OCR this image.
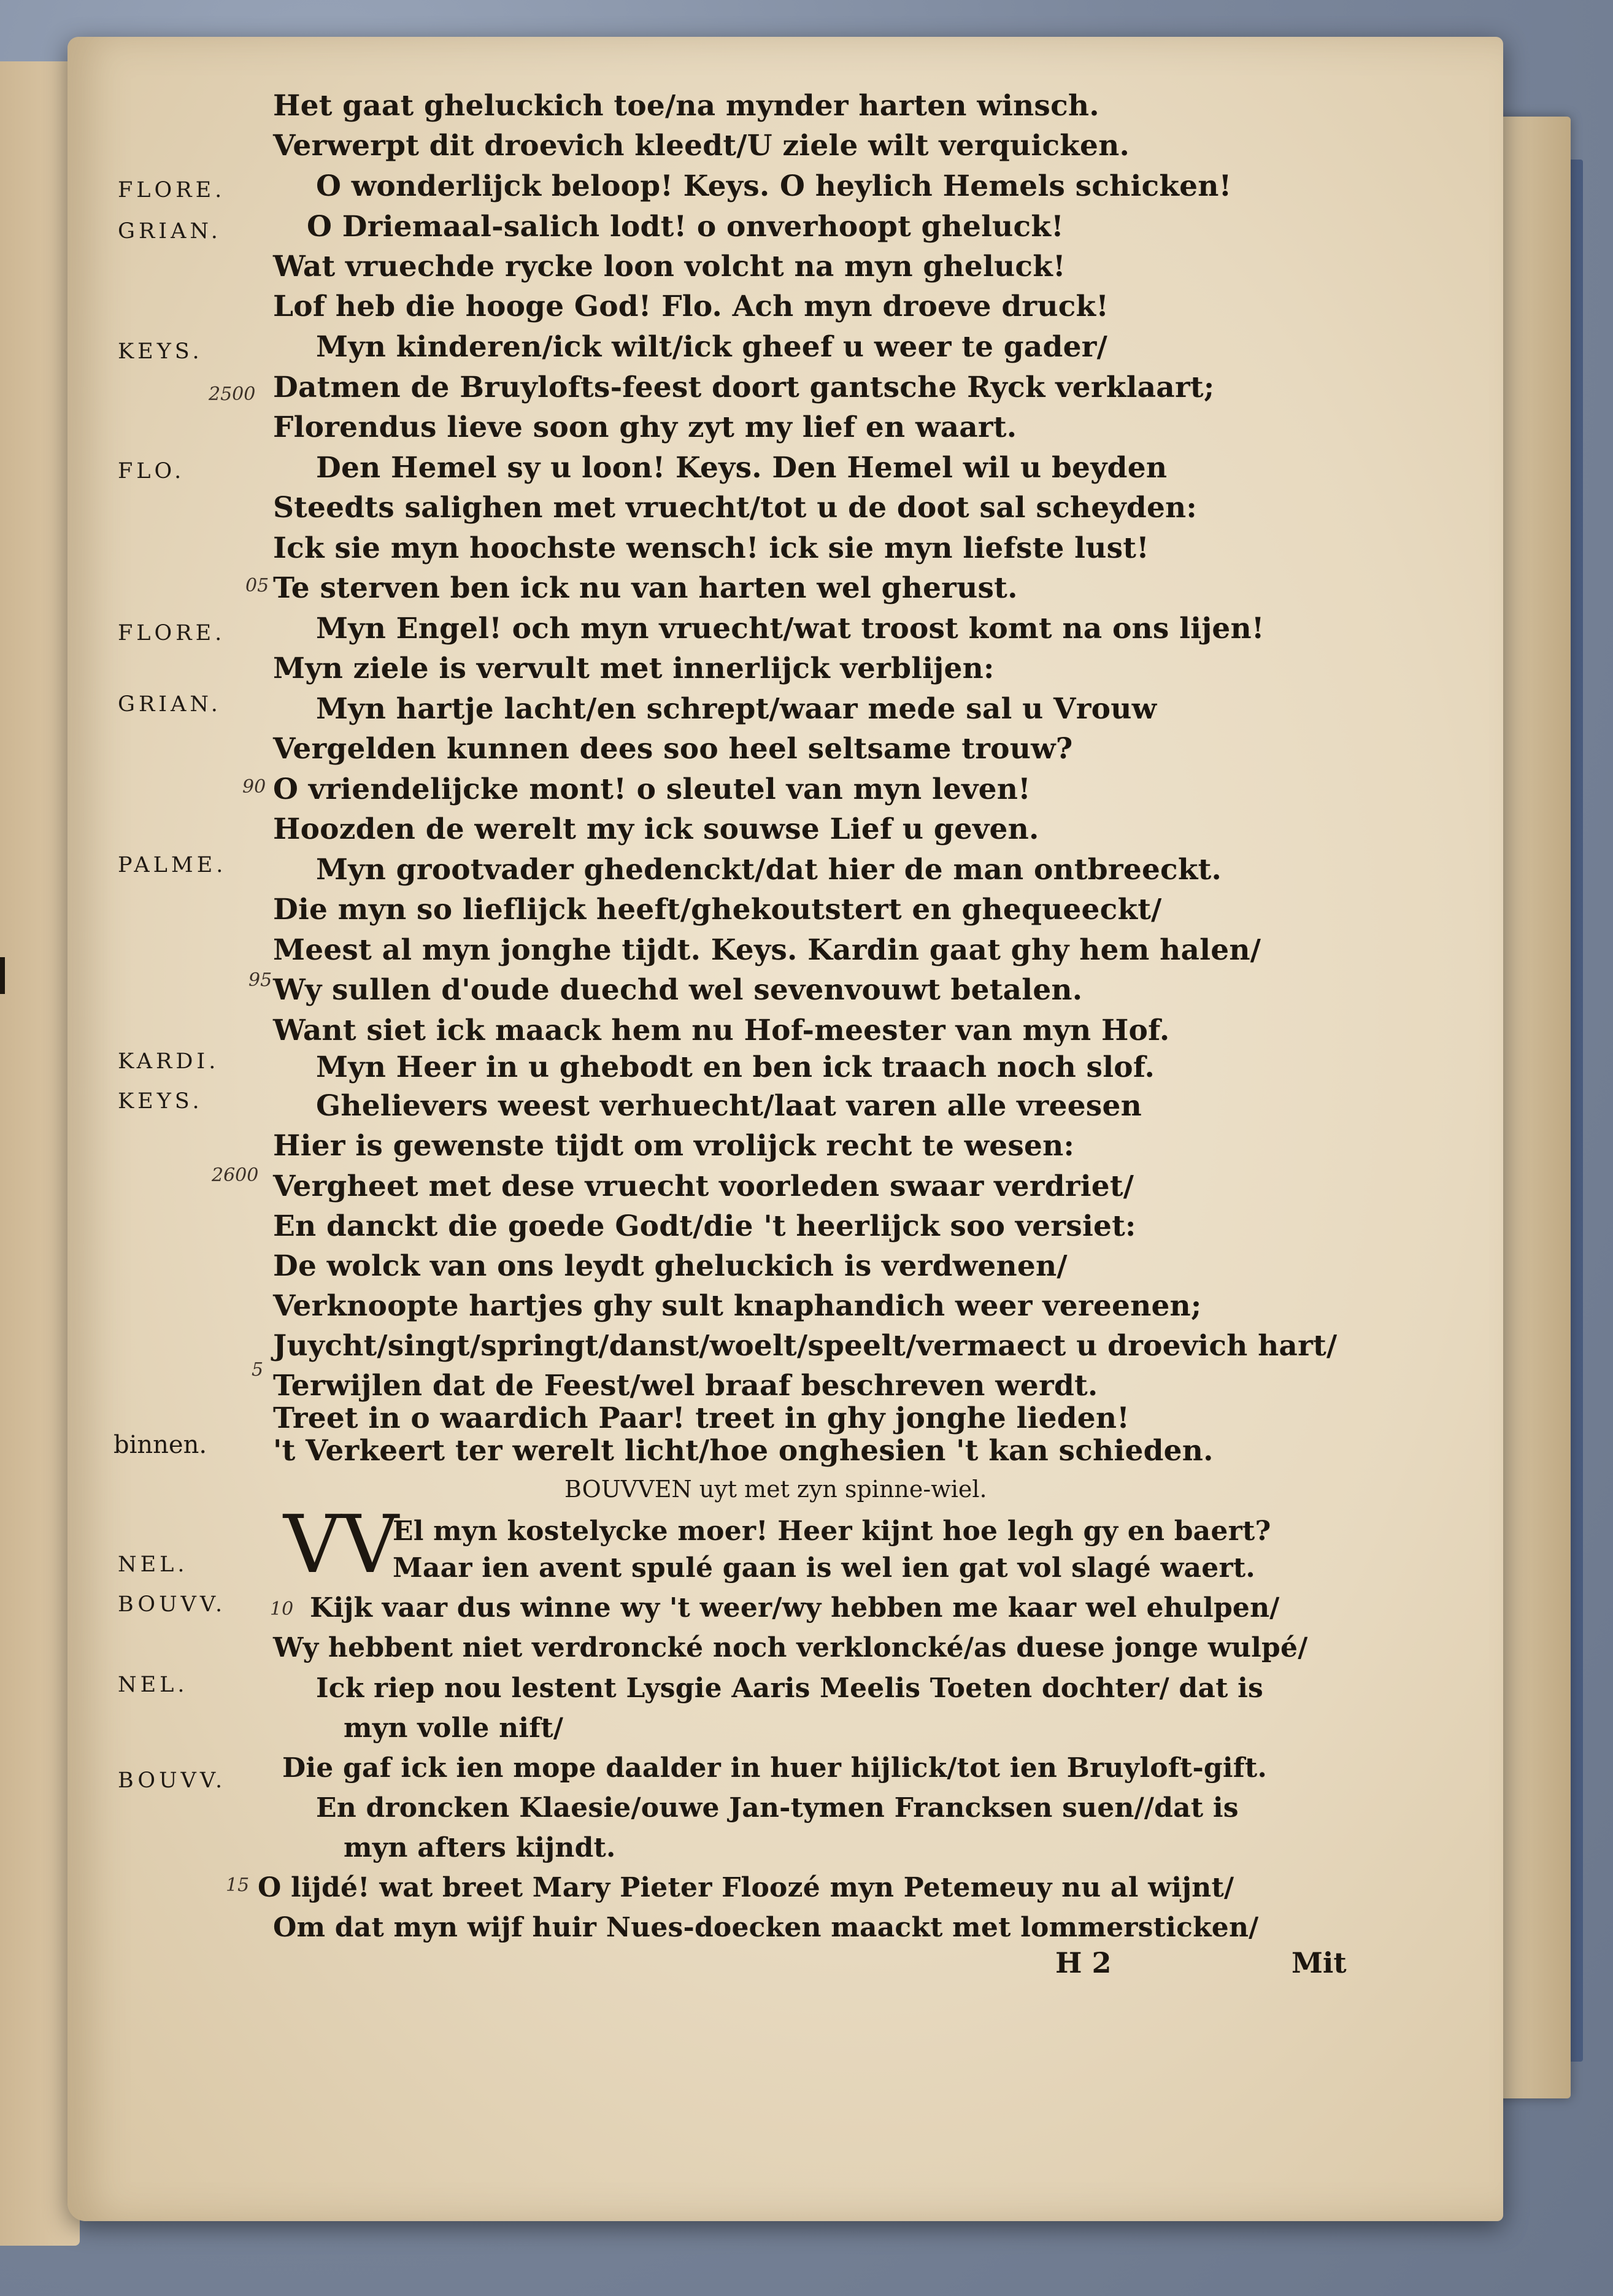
FLORE.
GRIAN.
KEYS.
FLO.
FLORE.
GRIAN.
PALME.
KARDI.
KEYS.
binnen.
NEL.
BOUVV.
NEL.
BOUVV.
2500
05
90
95
2600
5
10
15
Het gaat gheluckich toe/na mynder harten winsch.
Verwerpt dit droevich kleedt/U ziele wilt verquicken.
O wonderlijck beloop! Keys. O heylich Hemels schicken!
O Driemaal-salich lodt! o onverhoopt gheluck!
Wat vruechde rycke loon volcht na myn gheluck!
Lof heb die hooge God! Flo. Ach myn droeve druck!
Myn kinderen/ick wilt/ick gheef u weer te gader/
Datmen de Bruylofts-feest doort gantsche Ryck verklaart;
Florendus lieve soon ghy zyt my lief en waart.
Den Hemel sy u loon! Keys. Den Hemel wil u beyden
Steedts salighen met vruecht/tot u de doot sal scheyden:
Ick sie myn hoochste wensch! ick sie myn liefste lust!
Te sterven ben ick nu van harten wel gherust.
Myn Engel! och myn vruecht/wat troost komt na ons lijen!
Myn ziele is vervult met innerlijck verblijen:
Myn hartje lacht/en schrept/waar mede sal u Vrouw
Vergelden kunnen dees soo heel seltsame trouw?
O vriendelijcke mont! o sleutel van myn leven!
Hoozden de werelt my ick souwse Lief u geven.
Myn grootvader ghedenckt/dat hier de man ontbreeckt.
Die myn so lieflijck heeft/ghekoutstert en ghequeeckt/
Meest al myn jonghe tijdt. Keys. Kardin gaat ghy hem halen/
Wy sullen d'oude duechd wel sevenvouwt betalen.
Want siet ick maack hem nu Hof-meester van myn Hof.
Myn Heer in u ghebodt en ben ick traach noch slof.
Ghelievers weest verhuecht/laat varen alle vreesen
Hier is gewenste tijdt om vrolijck recht te wesen:
Vergheet met dese vruecht voorleden swaar verdriet/
En danckt die goede Godt/die 't heerlijck soo versiet:
De wolck van ons leydt gheluckich is verdwenen/
Verknoopte hartjes ghy sult knaphandich weer vereenen;
Juycht/singt/springt/danst/woelt/speelt/vermaect u droevich hart/
Terwijlen dat de Feest/wel braaf beschreven werdt.
Treet in o waardich Paar! treet in ghy jonghe lieden!
't Verkeert ter werelt licht/hoe onghesien 't kan schieden.
BOUVVEN uyt met zyn spinne-wiel.
VV
El myn kostelycke moer! Heer kijnt hoe legh gy en baert?
Maar ien avent spulé gaan is wel ien gat vol slagé waert.
Kijk vaar dus winne wy 't weer/wy hebben me kaar wel ehulpen/
Wy hebbent niet verdroncké noch verkloncké/as duese jonge wulpé/
Ick riep nou lestent Lysgie Aaris Meelis Toeten dochter/ dat is
myn volle nift/
Die gaf ick ien mope daalder in huer hijlick/tot ien Bruyloft-gift.
En droncken Klaesie/ouwe Jan-tymen Francksen suen//dat is
myn afters kijndt.
O lijdé! wat breet Mary Pieter Floozé myn Petemeuy nu al wijnt/
Om dat myn wijf huir Nues-doecken maackt met lommersticken/
H 2	Mit
